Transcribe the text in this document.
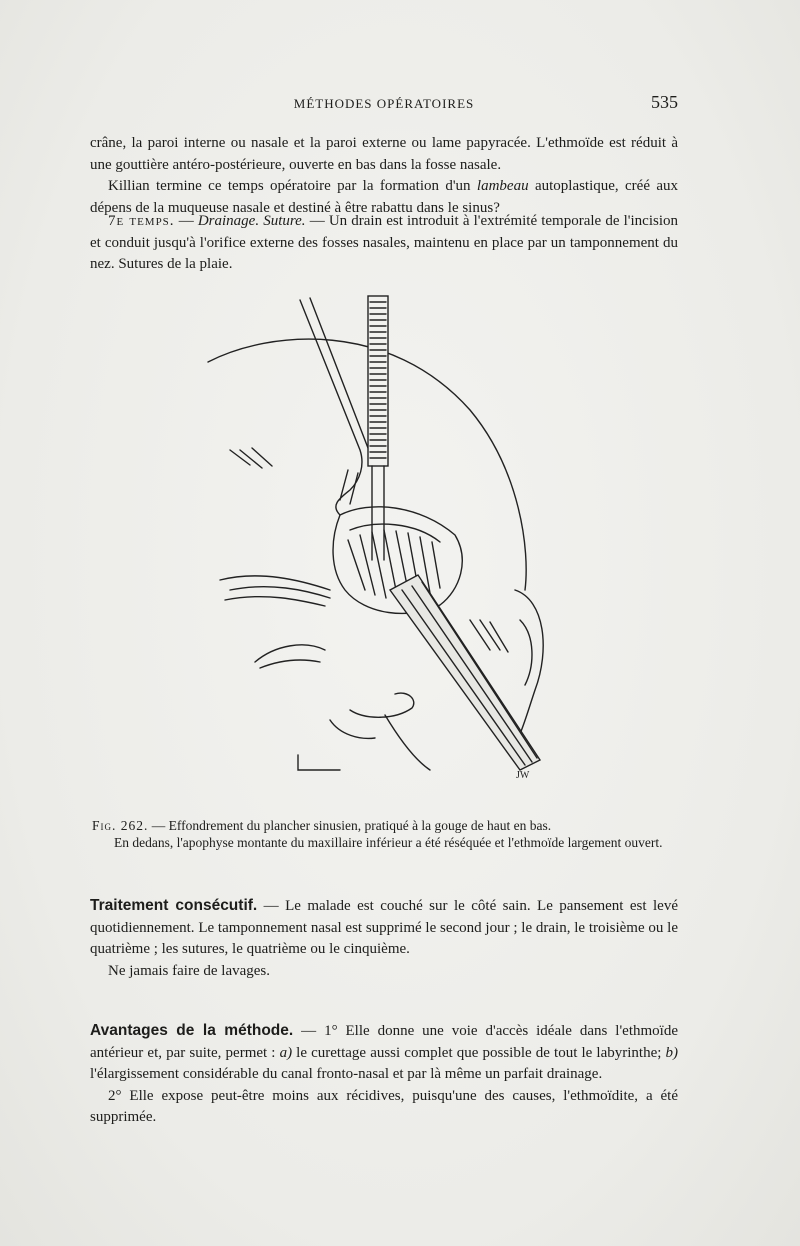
MÉTHODES OPÉRATOIRES	535
crâne, la paroi interne ou nasale et la paroi externe ou lame papyracée. L'ethmoïde est réduit à une gouttière antéro-postérieure, ouverte en bas dans la fosse nasale.
Killian termine ce temps opératoire par la formation d'un lambeau autoplastique, créé aux dépens de la muqueuse nasale et destiné à être rabattu dans le sinus?
7e temps. — Drainage. Suture. — Un drain est introduit à l'extrémité temporale de l'incision et conduit jusqu'à l'orifice externe des fosses nasales, maintenu en place par un tamponnement du nez. Sutures de la plaie.
JW
Fig. 262. — Effondrement du plancher sinusien, pratiqué à la gouge de haut en bas.
En dedans, l'apophyse montante du maxillaire inférieur a été réséquée et l'ethmoïde largement ouvert.
Traitement consécutif. — Le malade est couché sur le côté sain. Le pansement est levé quotidiennement. Le tamponnement nasal est supprimé le second jour ; le drain, le troisième ou le quatrième ; les sutures, le quatrième ou le cinquième.
Ne jamais faire de lavages.
Avantages de la méthode. — 1° Elle donne une voie d'accès idéale dans l'ethmoïde antérieur et, par suite, permet : a) le curettage aussi complet que possible de tout le labyrinthe; b) l'élargissement considérable du canal fronto-nasal et par là même un parfait drainage.
2° Elle expose peut-être moins aux récidives, puisqu'une des causes, l'ethmoïdite, a été supprimée.
